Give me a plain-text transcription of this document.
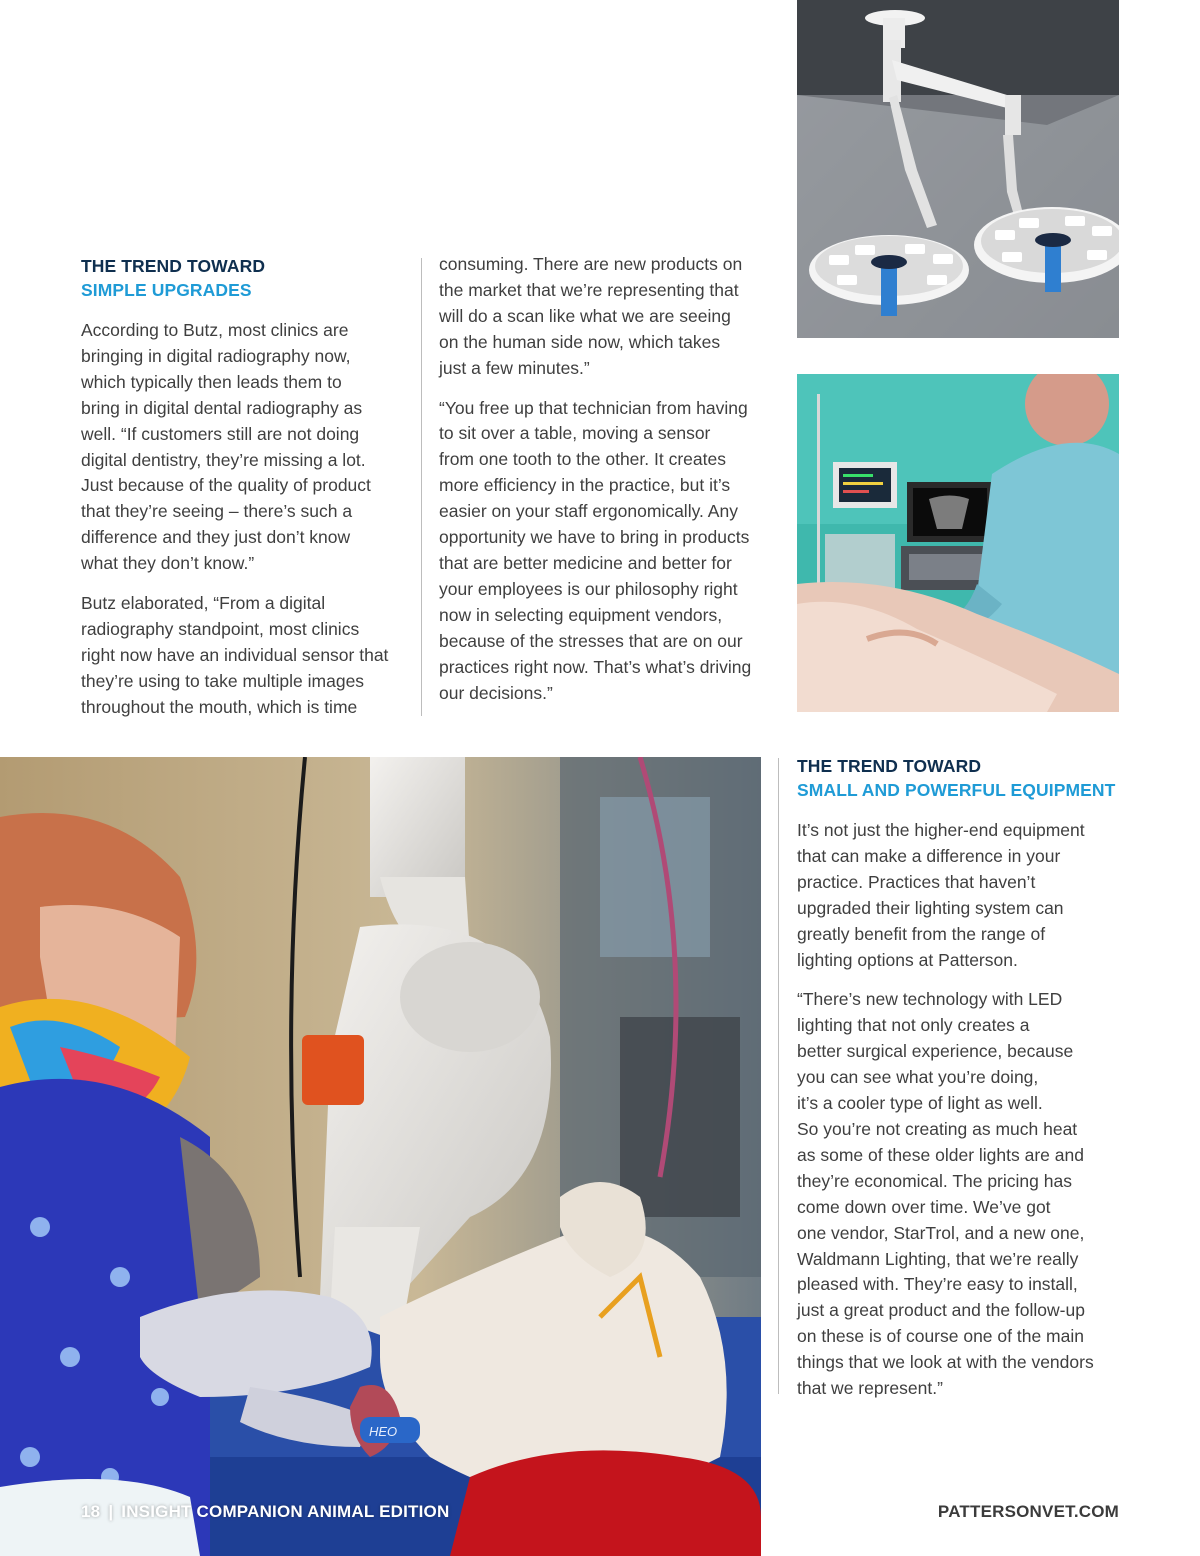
HEO
THE TREND TOWARD
SIMPLE UPGRADES

According to Butz, most clinics are
bringing in digital radiography now,
which typically then leads them to
bring in digital dental radiography as
well. “If customers still are not doing
digital dentistry, they’re missing a lot.
Just because of the quality of product
that they’re seeing – there’s such a
difference and they just don’t know
what they don’t know.”

Butz elaborated, “From a digital
radiography standpoint, most clinics
right now have an individual sensor that
they’re using to take multiple images
throughout the mouth, which is time

consuming. There are new products on
the market that we’re representing that
will do a scan like what we are seeing
on the human side now, which takes
just a few minutes.”

“You free up that technician from having
to sit over a table, moving a sensor
from one tooth to the other. It creates
more efficiency in the practice, but it’s
easier on your staff ergonomically. Any
opportunity we have to bring in products
that are better medicine and better for
your employees is our philosophy right
now in selecting equipment vendors,
because of the stresses that are on our
practices right now. That’s what’s driving
our decisions.”

THE TREND TOWARD
SMALL AND POWERFUL EQUIPMENT

It’s not just the higher-end equipment
that can make a difference in your
practice. Practices that haven’t
upgraded their lighting system can
greatly benefit from the range of
lighting options at Patterson.

“There’s new technology with LED
lighting that not only creates a
better surgical experience, because
you can see what you’re doing,
it’s a cooler type of light as well.
So you’re not creating as much heat
as some of these older lights are and
they’re economical. The pricing has
come down over time. We’ve got
one vendor, StarTrol, and a new one,
Waldmann Lighting, that we’re really
pleased with. They’re easy to install,
just a great product and the follow-up
on these is of course one of the main
things that we look at with the vendors
that we represent.”

18 | INSIGHT COMPANION ANIMAL EDITION	PATTERSONVET.COM
